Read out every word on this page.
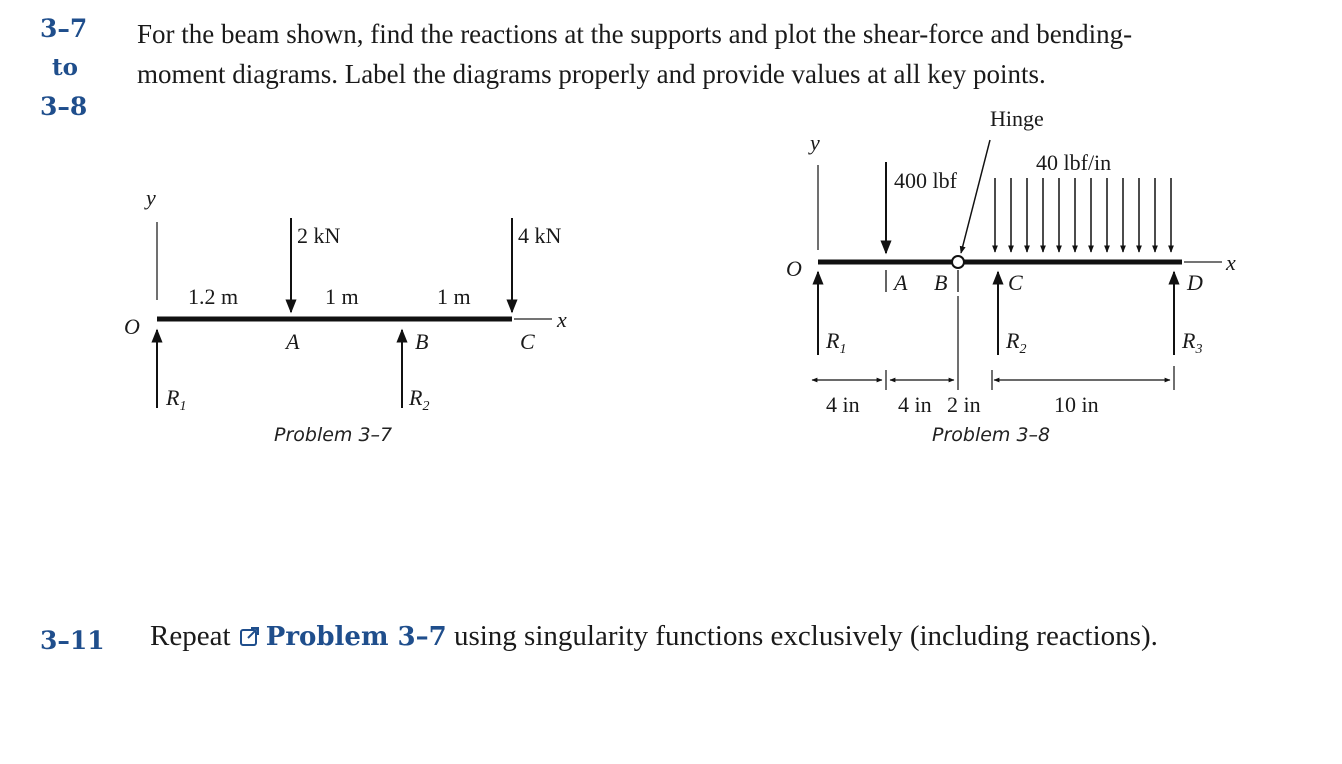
3–7
to
3–8
For the beam shown, find the reactions at the supports and plot the shear-force and bending-
moment diagrams. Label the diagrams properly and provide values at all key points.
y
O	x
$R_1$
2 kN	4 kN
1.2 m	1 m	1 m
A	B	C
$R_2$
Problem 3–7
y
O	x
Hinge
400 lbf
40 lbf/in
A B	C	D
$R_1$	$R_2$	$R_3$
4 in 4 in 2 in	10 in
Problem 3–8
3–11 Repeat Problem 3–7 using singularity functions exclusively (including reactions).
